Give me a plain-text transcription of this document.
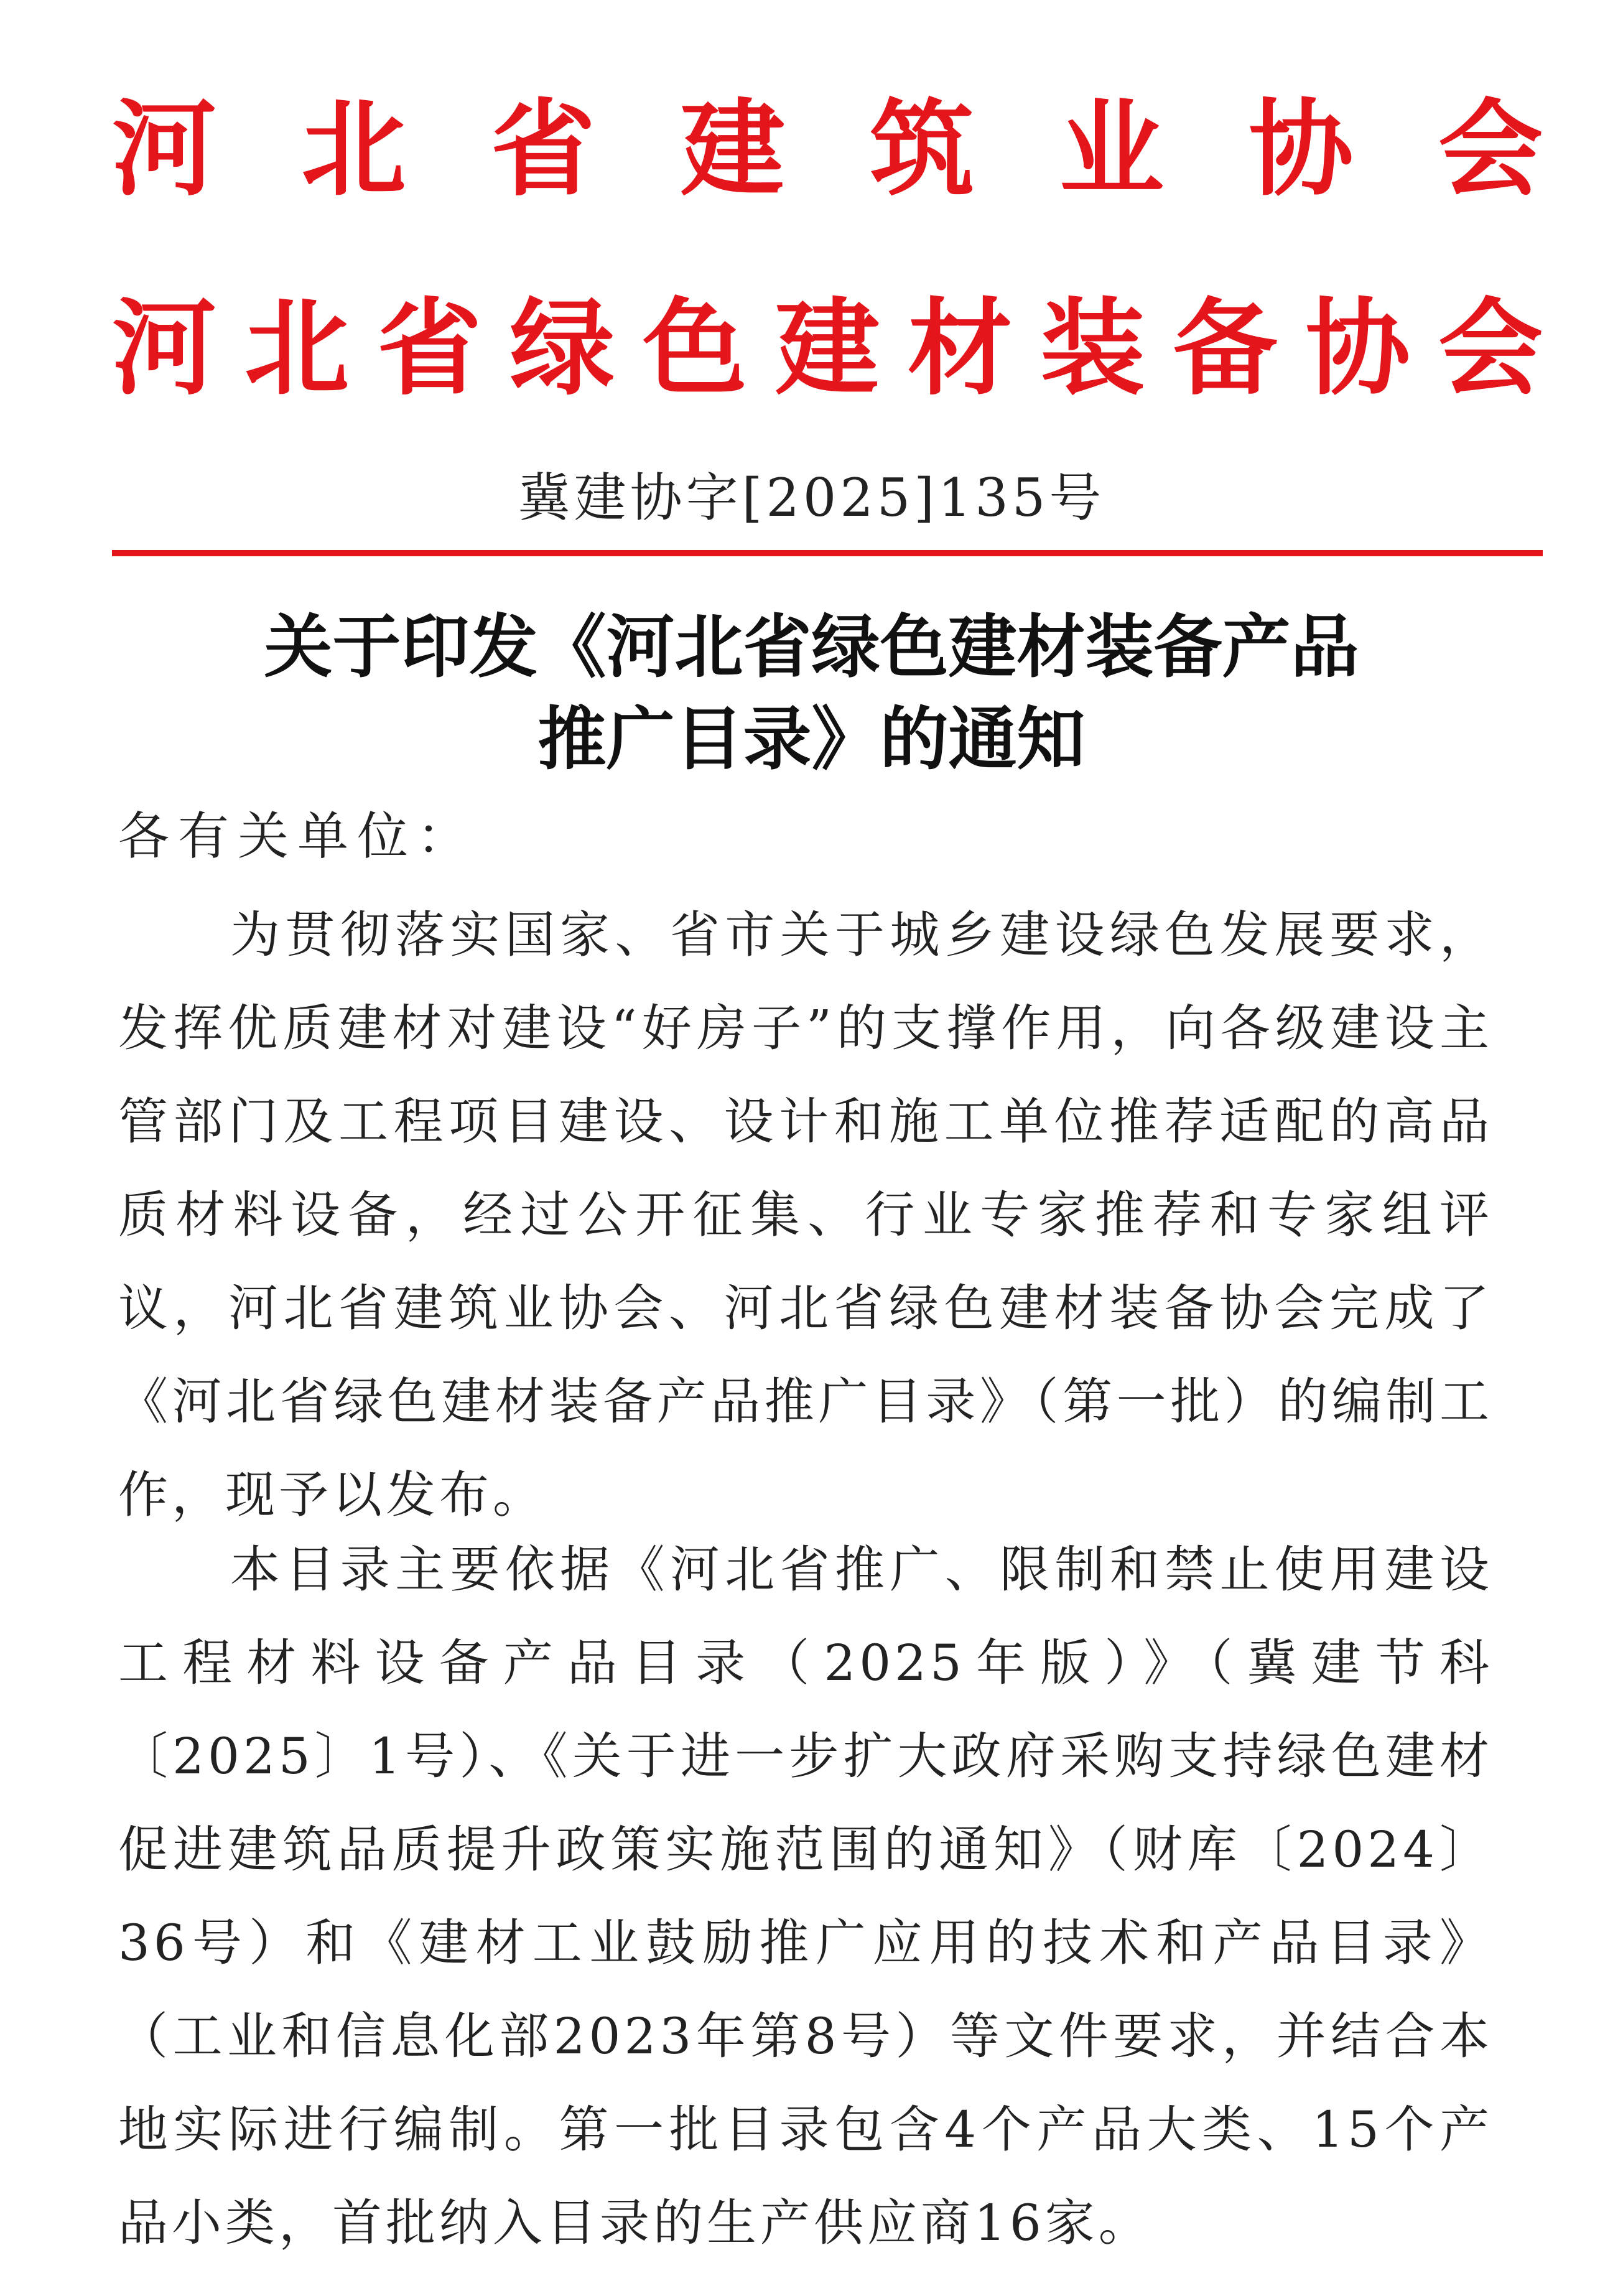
河北省建筑业协会
河北省绿色建材装备协会
冀建协字[2025]135号
关于印发《河北省绿色建材装备产品
推广目录》的通知
各有关单位：
为贯彻落实国家、省市关于城乡建设绿色发展要求，发挥优质建材对建设“好房子”的支撑作用，向各级建设主管部门及工程项目建设、设计和施工单位推荐适配的高品质材料设备，经过公开征集、行业专家推荐和专家组评议，河北省建筑业协会、河北省绿色建材装备协会完成了《河北省绿色建材装备产品推广目录》（第一批）的编制工作，现予以发布。
本目录主要依据《河北省推广、限制和禁止使用建设工程材料设备产品目录（2025年版）》（冀建节科〔2025〕1号）、《关于进一步扩大政府采购支持绿色建材促进建筑品质提升政策实施范围的通知》（财库〔2024〕36号）和《建材工业鼓励推广应用的技术和产品目录》（工业和信息化部2023年第8号）等文件要求，并结合本地实际进行编制。第一批目录包含4个产品大类、15个产品小类，首批纳入目录的生产供应商16家。
